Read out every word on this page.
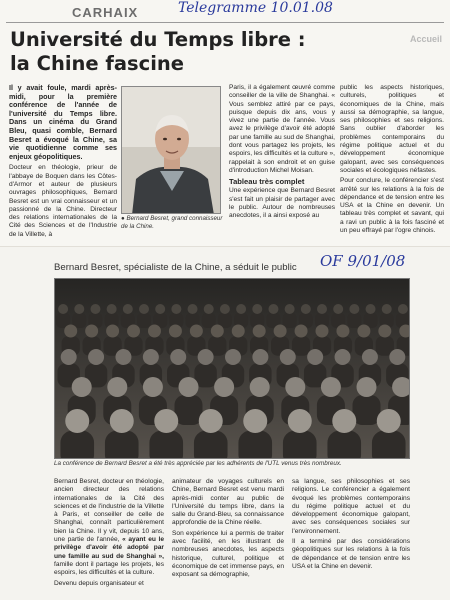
CARHAIX	Telegramme 10.01.08
Accueil
Université du Temps libre :
la Chine fascine

Il y avait foule, mardi après-midi, pour la première conférence de l'année de l'université du Temps libre. Dans un cinéma du Grand Bleu, quasi comble, Bernard Besret a évoqué la Chine, sa vie quotidienne comme ses enjeux géopolitiques.

Docteur en théologie, prieur de l'abbaye de Boquen dans les Côtes-d'Armor et auteur de plusieurs ouvrages philosophiques, Bernard Besret est un vrai connaisseur et un passionné de la Chine. Directeur des relations internationales de la Cité des Sciences et de l'Industrie de la Villette, à

● Bernard Besret, grand connaisseur de la Chine.

Paris, il a également œuvré comme conseiller de la ville de Shanghai. « Vous semblez attiré par ce pays, puisque depuis dix ans, vous y vivez une partie de l'année. Vous avez le privilège d'avoir été adopté par une famille au sud de Shanghai, dont vous partagez les projets, les espoirs, les difficultés et la culture », rappelait à son endroit et en guise d'introduction Michel Moisan.

Tableau très complet

Une expérience que Bernard Besret s'est fait un plaisir de partager avec le public. Autour de nombreuses anecdotes, il a ainsi exposé au

public les aspects historiques, culturels, politiques et économiques de la Chine, mais aussi sa démographie, sa langue, ses philosophies et ses religions. Sans oublier d'aborder les problèmes contemporains du régime politique actuel et du développement économique galopant, avec ses conséquences sociales et écologiques néfastes.

Pour conclure, le conférencier s'est arrêté sur les relations à la fois de dépendance et de tension entre les USA et la Chine en devenir. Un tableau très complet et savant, qui a ravi un public à la fois fasciné et un peu effrayé par l'ogre chinois.

OF 9/01/08
Bernard Besret, spécialiste de la Chine, a séduit le public
La conférence de Bernard Besret a été très appréciée par les adhérents de l'UTL venus très nombreux.

Bernard Besret, docteur en théologie, ancien directeur des relations internationales de la Cité des sciences et de l'industrie de la Villette à Paris, et conseiller de celle de Shanghai, connaît particulièrement bien la Chine. Il y vit, depuis 10 ans, une partie de l'année, « ayant eu le privilège d'avoir été adopté par une famille au sud de Shanghai », famille dont il partage les projets, les espoirs, les difficultés et la culture.

Devenu depuis organisateur et

animateur de voyages culturels en Chine, Bernard Besret est venu mardi après-midi conter au public de l'Université du temps libre, dans la salle du Grand-Bleu, sa connaissance approfondie de la Chine réelle.

Son expérience lui a permis de traiter avec facilité, en les illustrant de nombreuses anecdotes, les aspects historique, culturel, politique et économique de cet immense pays, en exposant sa démographie,

sa langue, ses philosophies et ses religions. Le conférencier a également évoqué les problèmes contemporains du régime politique actuel et du développement économique galopant, avec ses conséquences sociales sur l'environnement.

Il a terminé par des considérations géopolitiques sur les relations à la fois de dépendance et de tension entre les USA et la Chine en devenir.
